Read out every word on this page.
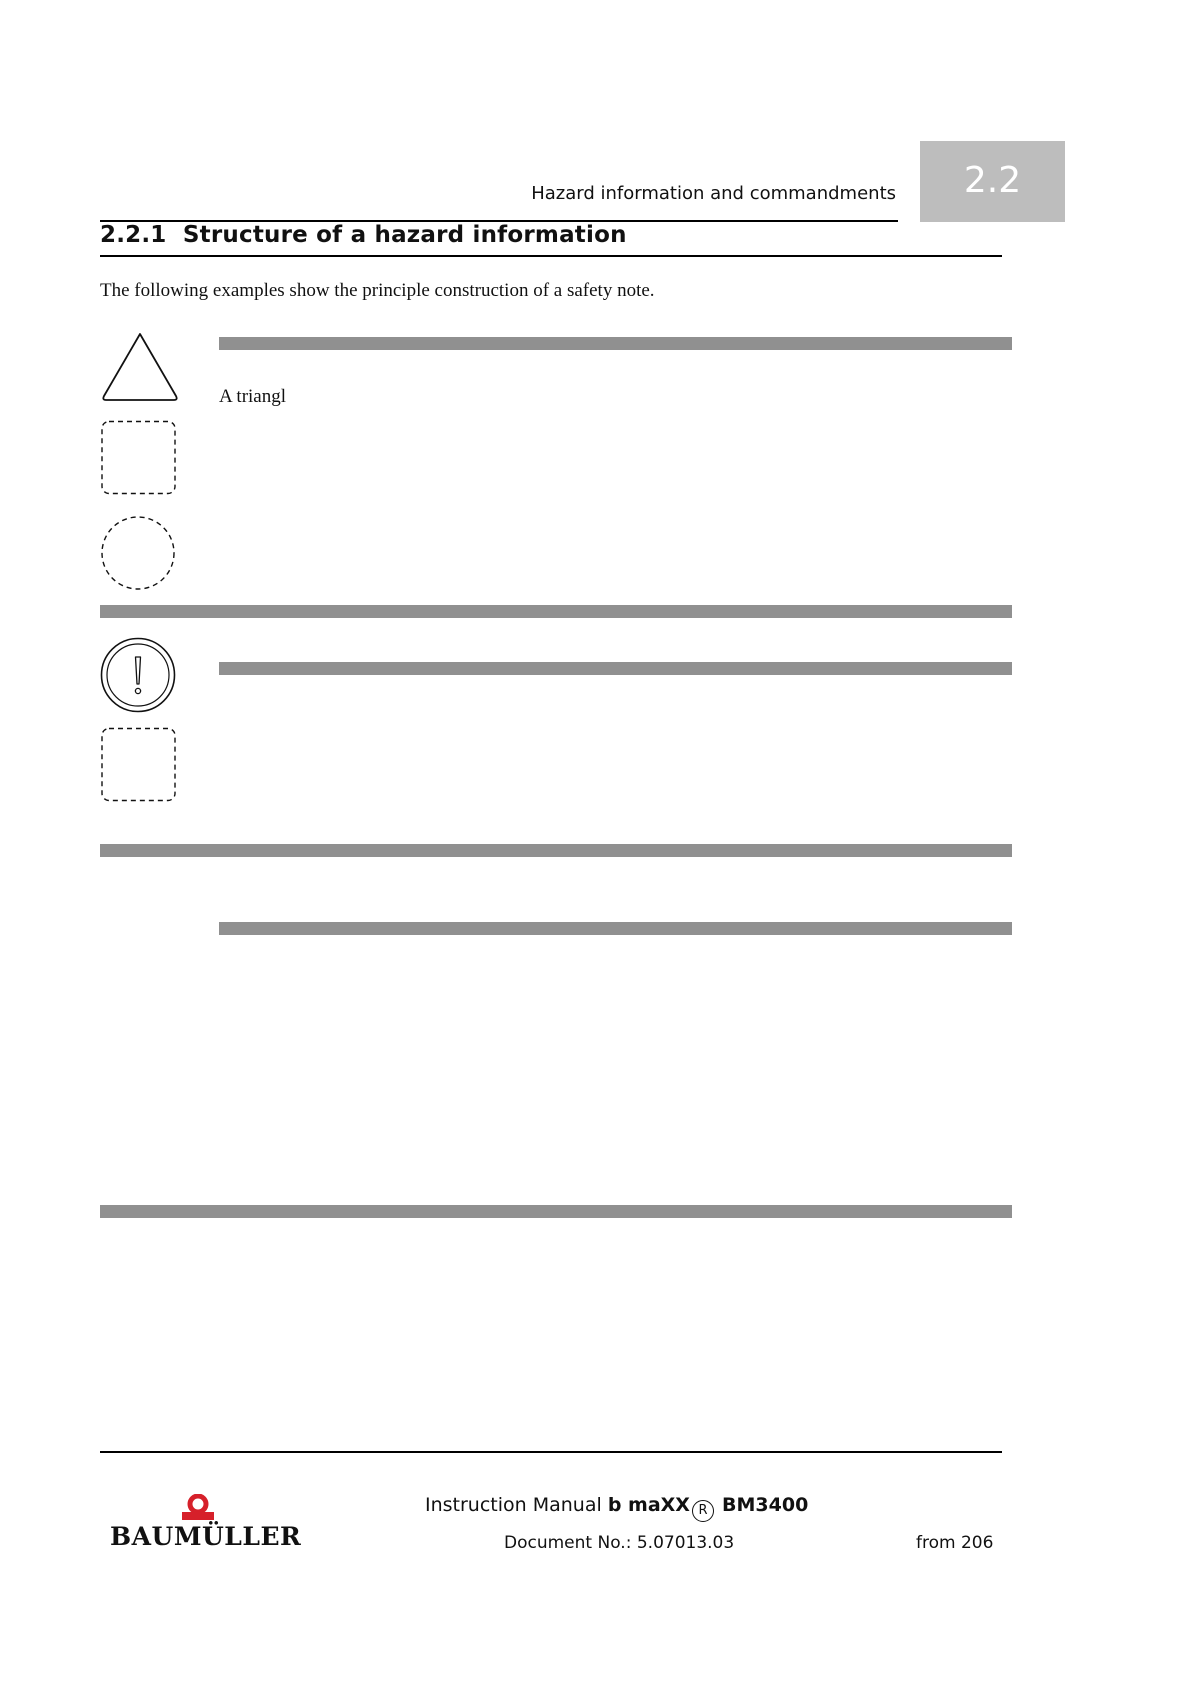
Hazard information and commandments	2.2
2.2.1 Structure of a hazard information
The following examples show the principle construction of a safety note.
A triangl
BAUMÜLLER
Instruction Manual b maXX R BM3400
Document No.: 5.07013.03	from 206
